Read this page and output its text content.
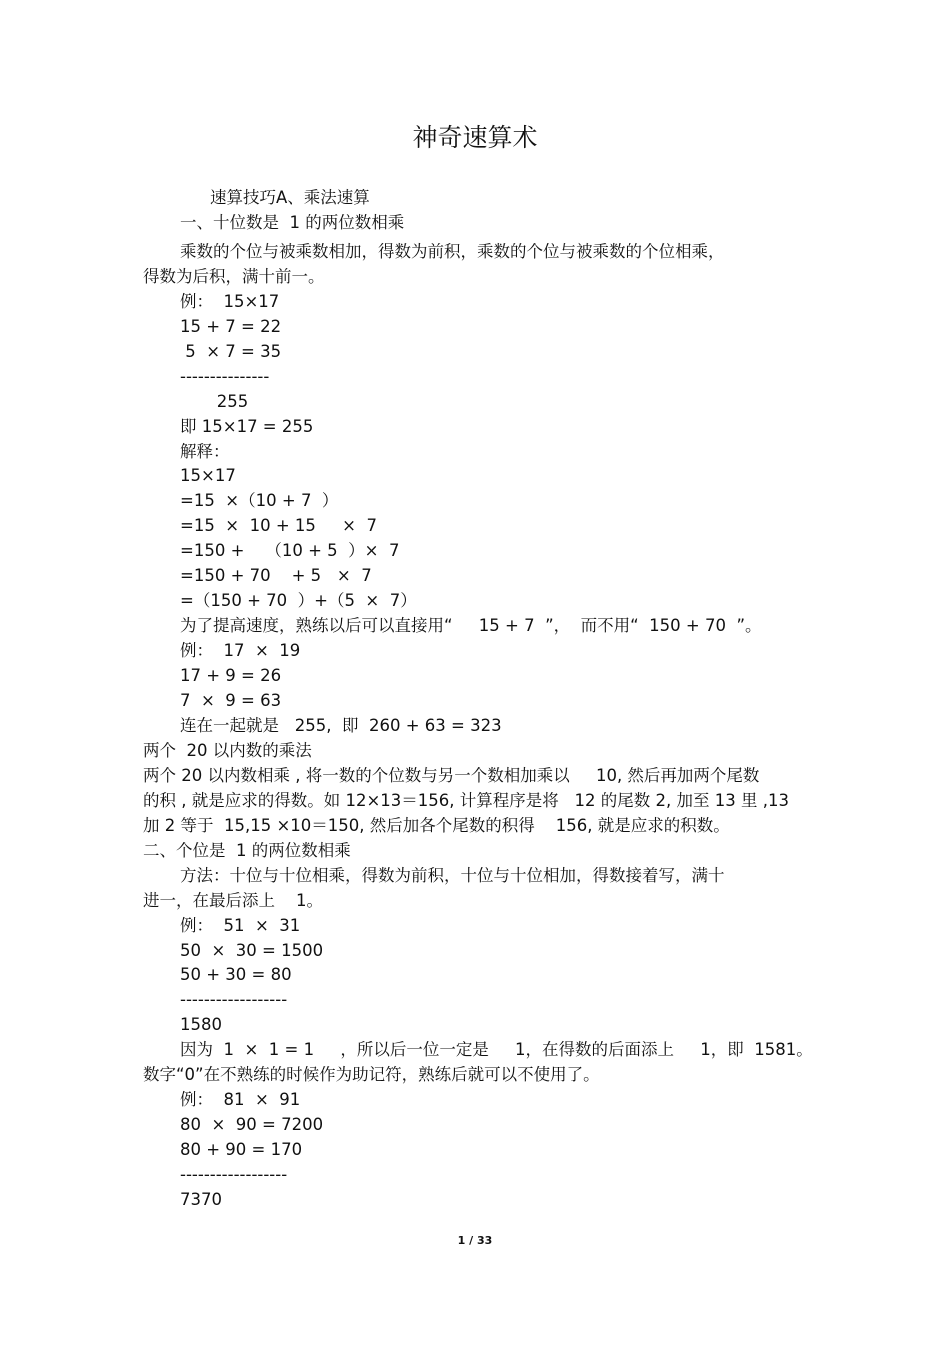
神奇速算术
速算技巧A、乘法速算
一、十位数是  1 的两位数相乘
乘数的个位与被乘数相加，得数为前积，乘数的个位与被乘数的个位相乘，
得数为后积，满十前一。
例：  15×17
15 + 7 = 22
5  × 7 = 35
---------------
255
即 15×17 = 255
解释：
15×17
=15  ×（10 + 7  ）
=15  ×  10 + 15     ×  7
=150 +    （10 + 5  ）×  7
=150 + 70    + 5   ×  7
=（150 + 70  ）+（5  ×  7）
为了提高速度，熟练以后可以直接用“     15 + 7  ”，  而不用“  150 + 70  ”。
例：  17  ×  19
17 + 9 = 26
7  ×  9 = 63
连在一起就是   255,  即  260 + 63 = 323
两个  20 以内数的乘法
两个 20 以内数相乘 , 将一数的个位数与另一个数相加乘以     10, 然后再加两个尾数
的积 , 就是应求的得数。如 12×13＝156, 计算程序是将   12 的尾数 2, 加至 13 里 ,13
加 2 等于  15,15 ×10＝150, 然后加各个尾数的积得    156, 就是应求的积数。
二、个位是  1 的两位数相乘
方法：十位与十位相乘，得数为前积，十位与十位相加，得数接着写，满十
进一，在最后添上    1。
例：  51  ×  31
50  ×  30 = 1500
50 + 30 = 80
------------------
1580
因为  1  ×  1 = 1     ，所以后一位一定是     1，在得数的后面添上     1，即  1581。
数字“0”在不熟练的时候作为助记符，熟练后就可以不使用了。
例：  81  ×  91
80  ×  90 = 7200
80 + 90 = 170
------------------
7370
1 / 33
